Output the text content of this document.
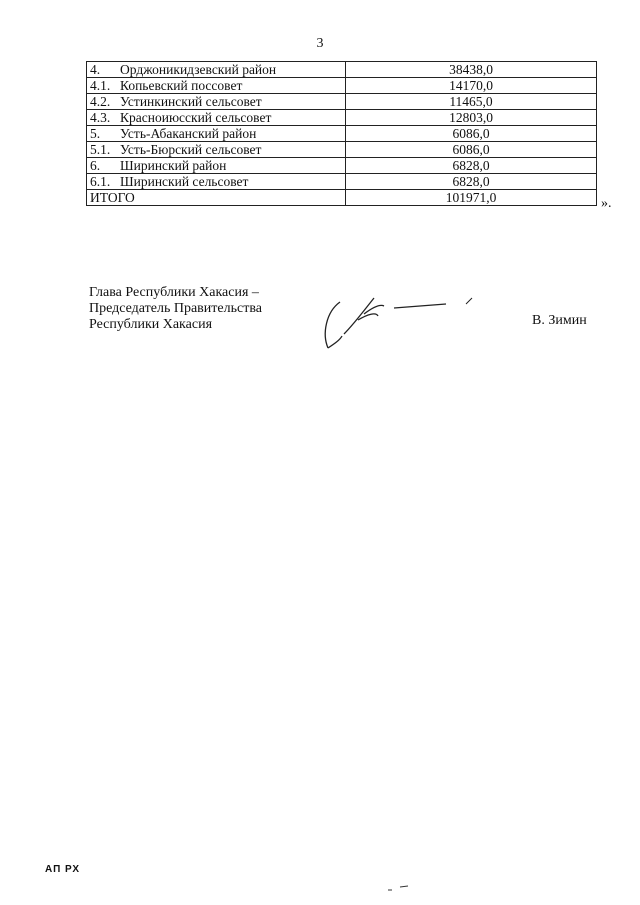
3
4. Орджоникидзевский район	38438,0
4.1. Копьевский поссовет	14170,0
4.2. Устинкинский сельсовет	11465,0
4.3. Красноиюсский сельсовет	12803,0
5. Усть-Абаканский район	6086,0
5.1. Усть-Бюрский сельсовет	6086,0
6. Ширинский район	6828,0
6.1. Ширинский сельсовет	6828,0
ИТОГО	101971,0	».
Глава Республики Хакасия –
Председатель Правительства
Республики Хакасия	В. Зимин
АП РХ
